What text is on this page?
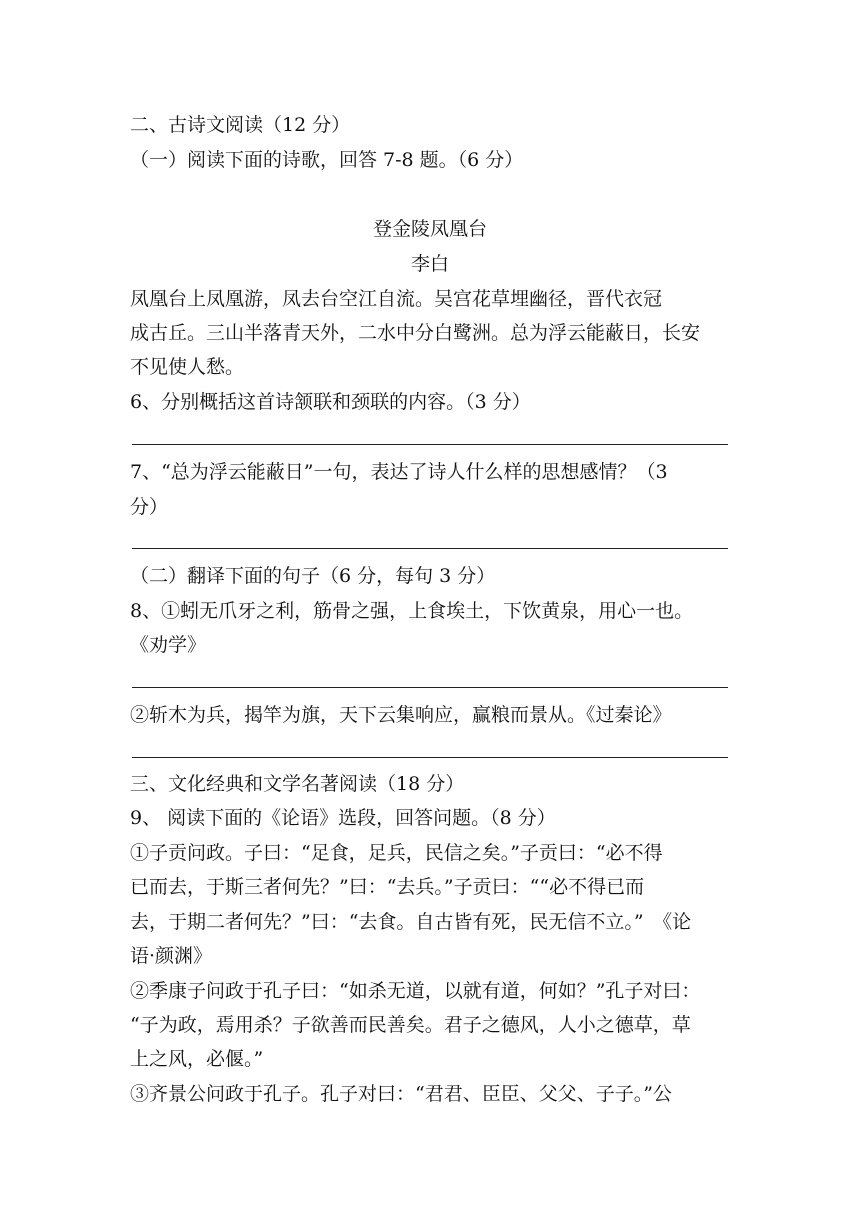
二、古诗文阅读（12 分）
（一）阅读下面的诗歌，回答 7-8 题。（6 分）
登金陵凤凰台
李白
凤凰台上凤凰游，凤去台空江自流。吴宫花草埋幽径，晋代衣冠
成古丘。三山半落青天外，二水中分白鹭洲。总为浮云能蔽日，长安
不见使人愁。
6、分别概括这首诗颔联和颈联的内容。（3 分）
7、“总为浮云能蔽日”一句，表达了诗人什么样的思想感情？（3
分）
（二）翻译下面的句子（6 分，每句 3 分）
8、①蚓无爪牙之利，筋骨之强，上食埃土，下饮黄泉，用心一也。
《劝学》
②斩木为兵，揭竿为旗，天下云集响应，赢粮而景从。《过秦论》
三、文化经典和文学名著阅读（18 分）
9、 阅读下面的《论语》选段，回答问题。（8 分）
①子贡问政。子曰：“足食，足兵，民信之矣。”子贡曰：“必不得
已而去，于斯三者何先？”曰：“去兵。”子贡曰：““必不得已而
去，于期二者何先？”曰：“去食。自古皆有死，民无信不立。”　《论
语·颜渊》
②季康子问政于孔子曰：“如杀无道，以就有道，何如？”孔子对曰：
“子为政，焉用杀？子欲善而民善矣。君子之德风，人小之德草，草
上之风，必偃。”
③齐景公问政于孔子。孔子对曰：“君君、臣臣、父父、子子。”公
